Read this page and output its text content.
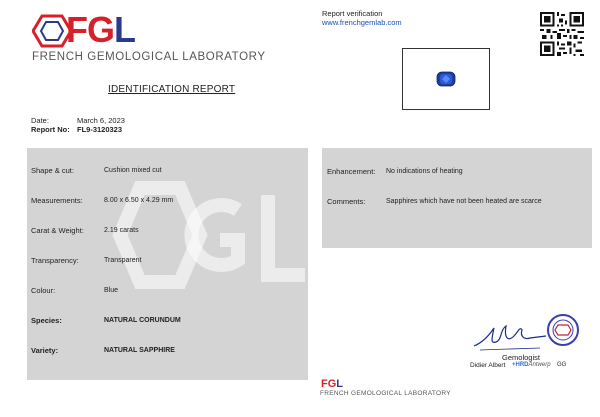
FGL
FRENCH GEMOLOGICAL LABORATORY
Report verification
www.frenchgemlab.com
IDENTIFICATION REPORT
Date:	March 6, 2023
Report No: FL9-3120323
Shape & cut:	Cushion mixed cut
Measurements:	8.00 x 6.50 x 4.29 mm
Carat & Weight:	2.19 carats
Transparency:	Transparent
Colour:	Blue
Species:	NATURAL CORUNDUM
Variety:	NATURAL SAPPHIRE
Enhancement: No indications of heating
Comments:	Sapphires which have not been heated are scarce
Gemologist
Didier Albert +HRDAntwerp GG
FGL
FRENCH GEMOLOGICAL LABORATORY
